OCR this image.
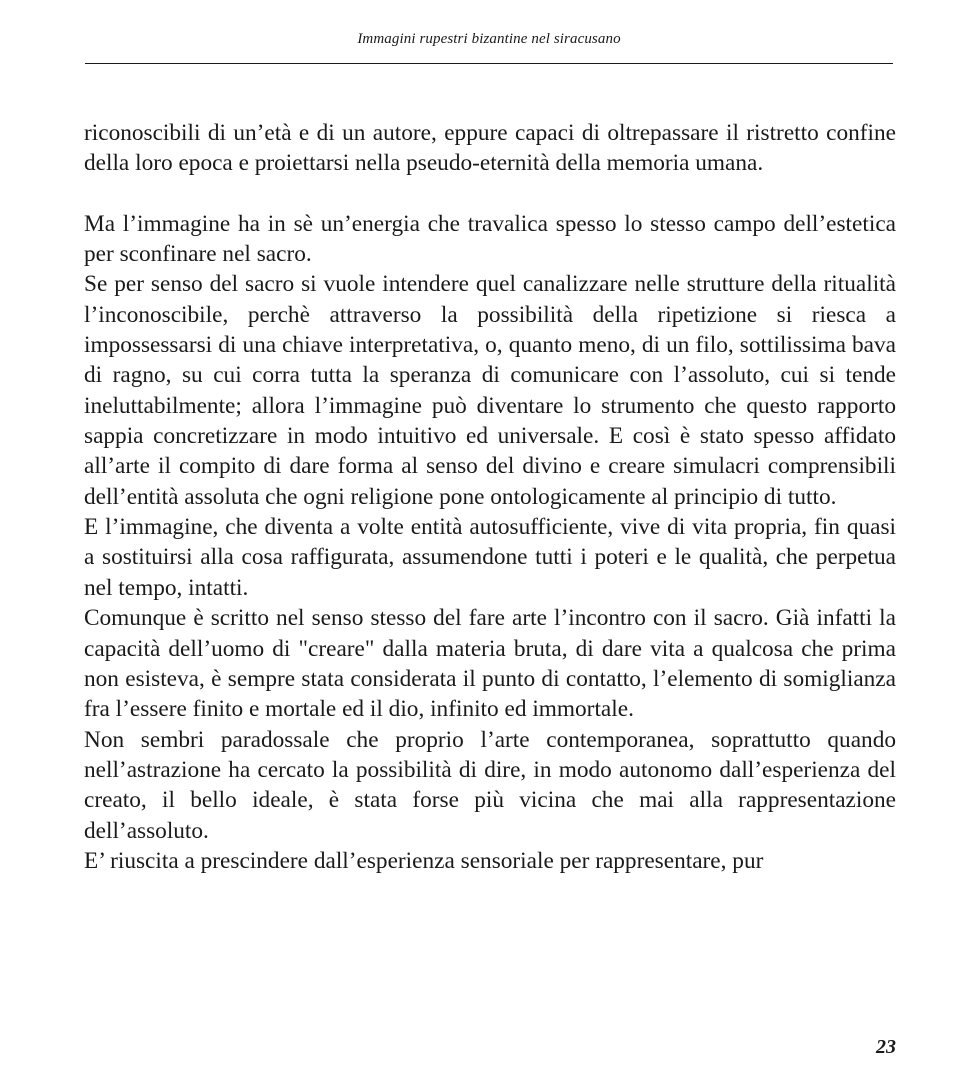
Immagini rupestri bizantine nel siracusano

riconoscibili di un’età e di un autore, eppure capaci di oltrepassare il ristretto confine della loro epoca e proiettarsi nella pseudo-eternità della memoria umana.

Ma l’immagine ha in sè un’energia che travalica spesso lo stesso campo dell’estetica per sconfinare nel sacro.

Se per senso del sacro si vuole intendere quel canalizzare nelle strutture della ritualità l’inconoscibile, perchè attraverso la possibilità della ripetizione si riesca a impossessarsi di una chiave interpretativa, o, quanto meno, di un filo, sottilissima bava di ragno, su cui corra tutta la speranza di comunicare con l’assoluto, cui si tende ineluttabilmente; allora l’immagine può diventare lo strumento che questo rapporto sappia concretizzare in modo intuitivo ed universale. E così è stato spesso affidato all’arte il compito di dare forma al senso del divino e creare simulacri comprensibili dell’entità assoluta che ogni religione pone ontologicamente al principio di tutto.

E l’immagine, che diventa a volte entità autosufficiente, vive di vita propria, fin quasi a sostituirsi alla cosa raffigurata, assumendone tutti i poteri e le qualità, che perpetua nel tempo, intatti.

Comunque è scritto nel senso stesso del fare arte l’incontro con il sacro. Già infatti la capacità dell’uomo di "creare" dalla materia bruta, di dare vita a qualcosa che prima non esisteva, è sempre stata considerata il punto di contatto, l’elemento di somiglianza fra l’essere finito e mortale ed il dio, infinito ed immortale.

Non sembri paradossale che proprio l’arte contemporanea, soprattutto quando nell’astrazione ha cercato la possibilità di dire, in modo autonomo dall’esperienza del creato, il bello ideale, è stata forse più vicina che mai alla rappresentazione dell’assoluto.

E’ riuscita a prescindere dall’esperienza sensoriale per rappresentare, pur

23
